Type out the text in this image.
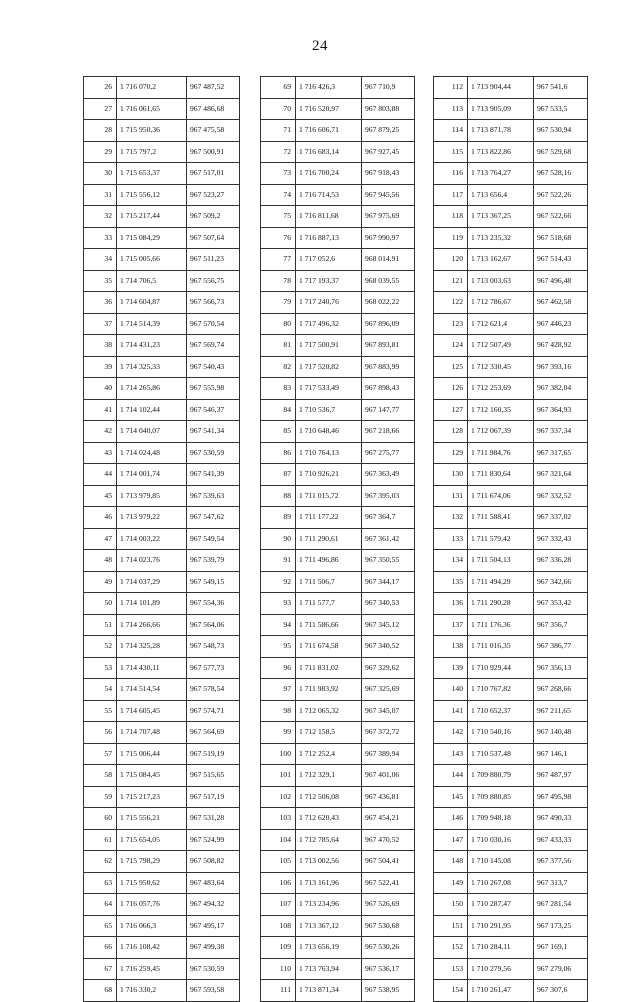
24
26	1 716 070,2	967 487,52
27	1 716 061,65	967 486,68
28	1 715 950,36	967 475,58
29	1 715 797,2	967 500,91
30	1 715 653,37	967 517,01
31	1 715 556,12	967 523,27
32	1 715 217,44	967 509,2
33	1 715 084,29	967 507,64
34	1 715 005,66	967 511,23
35	1 714 706,5	967 556,75
36	1 714 604,87	967 566,73
37	1 714 514,39	967 570,54
38	1 714 431,23	967 569,74
39	1 714 325,33	967 540,43
40	1 714 265,86	967 555,98
41	1 714 102,44	967 546,37
42	1 714 040,07	967 541,34
43	1 714 024,48	967 530,59
44	1 714 001,74	967 541,39
45	1 713 979,85	967 539,63
46	1 713 979,22	967 547,62
47	1 714 003,22	967 549,54
48	1 714 023,76	967 539,79
49	1 714 037,29	967 549,15
50	1 714 101,89	967 554,36
51	1 714 266,66	967 564,06
52	1 714 325,28	967 548,73
53	1 714 430,11	967 577,73
54	1 714 514,54	967 578,54
55	1 714 605,45	967 574,71
56	1 714 707,48	967 564,69
57	1 715 006,44	967 519,19
58	1 715 084,45	967 515,65
59	1 715 217,23	967 517,19
60	1 715 556,21	967 531,28
61	1 715 654,05	967 524,99
62	1 715 798,29	967 508,82
63	1 715 950,62	967 483,64
64	1 716 057,76	967 494,32
65	1 716 066,3	967 495,17
66	1 716 108,42	967 499,38
67	1 716 259,45	967 530,59
68	1 716 330,2	967 593,58
69	1 716 426,3	967 710,9
70	1 716 520,97	967 803,88
71	1 716 606,71	967 879,25
72	1 716 683,14	967 927,45
73	1 716 700,24	967 918,43
74	1 716 714,53	967 945,56
75	1 716 811,68	967 975,69
76	1 716 887,13	967 990,97
77	1 717 052,6	968 014,91
78	1 717 193,37	968 039,55
79	1 717 240,76	968 022,22
80	1 717 496,32	967 896,09
81	1 717 500,91	967 893,81
82	1 717 520,82	967 883,99
83	1 717 533,49	967 898,43
84	1 710 536,7	967 147,77
85	1 710 648,46	967 218,66
86	1 710 764,13	967 275,77
87	1 710 926,21	967 363,49
88	1 711 015,72	967 395,03
89	1 711 177,22	967 364,7
90	1 711 290,61	967 361,42
91	1 711 496,86	967 350,55
92	1 711 506,7	967 344,17
93	1 711 577,7	967 340,53
94	1 711 586,66	967 345,12
95	1 711 674,58	967 340,52
96	1 711 831,02	967 329,62
97	1 711 983,92	967 325,69
98	1 712 065,32	967 345,07
99	1 712 158,5	967 372,72
100	1 712 252,4	967 389,94
101	1 712 329,1	967 401,06
102	1 712 506,08	967 436,81
103	1 712 620,43	967 454,21
104	1 712 785,64	967 470,52
105	1 713 002,56	967 504,41
106	1 713 161,96	967 522,41
107	1 713 234,96	967 526,69
108	1 713 367,12	967 530,68
109	1 713 656,19	967 530,26
110	1 713 763,94	967 536,17
111	1 713 871,34	967 538,95
112	1 713 904,44	967 541,6
113	1 713 905,09	967 533,5
114	1 713 871,78	967 530,94
115	1 713 822,86	967 529,68
116	1 713 764,27	967 528,16
117	1 713 656,4	967 522,26
118	1 713 367,25	967 522,66
119	1 713 235,32	967 518,68
120	1 713 162,67	967 514,43
121	1 713 003,63	967 496,48
122	1 712 786,67	967 462,58
123	1 712 621,4	967 446,23
124	1 712 507,49	967 428,92
125	1 712 330,45	967 393,16
126	1 712 253,69	967 382,04
127	1 712 160,35	967 364,93
128	1 712 067,39	967 337,34
129	1 711 984,76	967 317,65
130	1 711 830,64	967 321,64
131	1 711 674,06	967 332,52
132	1 711 588,41	967 337,02
133	1 711 579,42	967 332,43
134	1 711 504,13	967 336,28
135	1 711 494,29	967 342,66
136	1 711 290,28	967 353,42
137	1 711 176,36	967 356,7
138	1 711 016,35	967 386,77
139	1 710 929,44	967 356,13
140	1 710 767,82	967 268,66
141	1 710 652,37	967 211,65
142	1 710 540,16	967 140,48
143	1 710 537,48	967 146,1
144	1 709 880,79	967 487,97
145	1 709 880,85	967 495,98
146	1 709 948,18	967 490,33
147	1 710 030,16	967 433,33
148	1 710 145,08	967 377,56
149	1 710 267,08	967 313,7
150	1 710 287,47	967 281,54
151	1 710 291,95	967 173,25
152	1 710 284,11	967 169,1
153	1 710 279,56	967 279,06
154	1 710 261,47	967 307,6
